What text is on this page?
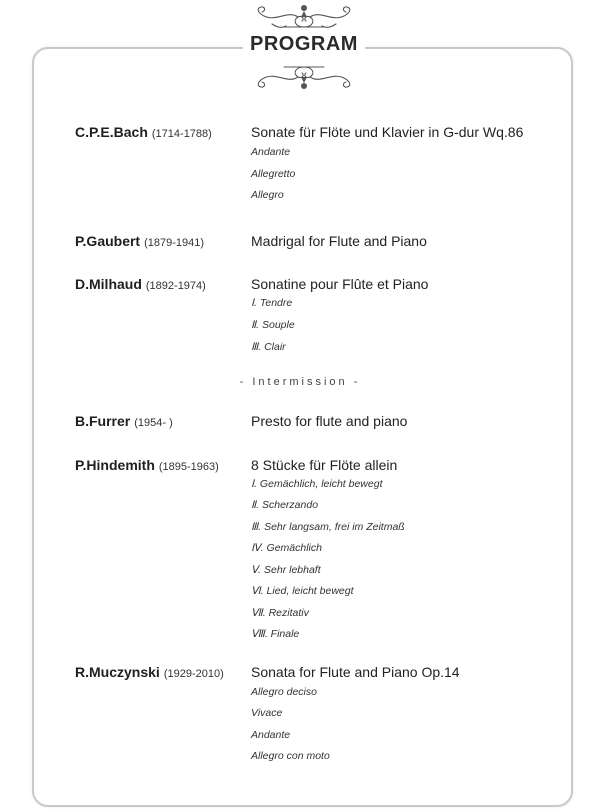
PROGRAM
C.P.E.Bach (1714-1788)	Sonate für Flöte und Klavier in G-dur Wq.86
Andante
Allegretto
Allegro
P.Gaubert (1879-1941)	Madrigal for Flute and Piano
D.Milhaud (1892-1974)	Sonatine pour Flûte et Piano
Ⅰ. Tendre
Ⅱ. Souple
Ⅲ. Clair
- Intermission -
B.Furrer (1954- )	Presto for flute and piano
P.Hindemith (1895-1963) 8 Stücke für Flöte allein
Ⅰ. Gemächlich, leicht bewegt
Ⅱ. Scherzando
Ⅲ. Sehr langsam, frei im Zeitmaß
Ⅳ. Gemächlich
Ⅴ. Sehr lebhaft
Ⅵ. Lied, leicht bewegt
Ⅶ. Rezitativ
Ⅷ. Finale
R.Muczynski (1929-2010) Sonata for Flute and Piano Op.14
Allegro deciso
Vivace
Andante
Allegro con moto
